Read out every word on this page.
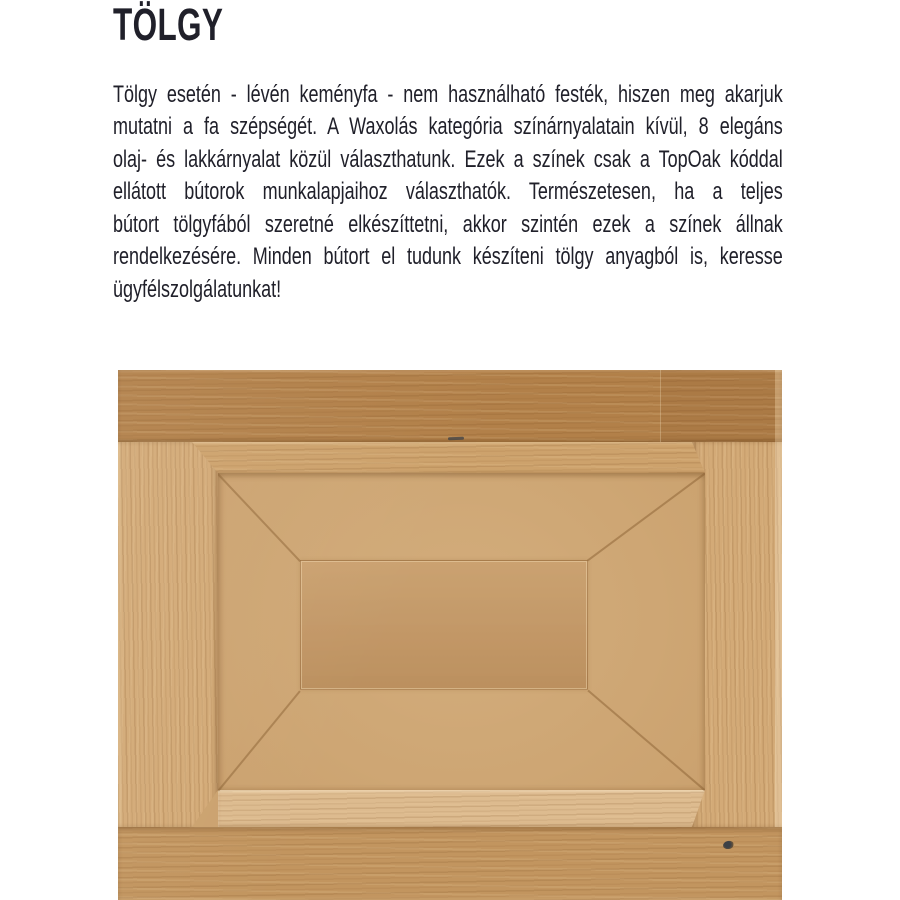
TÖLGY
Tölgy esetén - lévén keményfa - nem használható festék, hiszen meg akarjuk
mutatni a fa szépségét. A Waxolás kategória színárnyalatain kívül, 8 elegáns
olaj- és lakkárnyalat közül választhatunk. Ezek a színek csak a TopOak kóddal
ellátott bútorok munkalapjaihoz választhatók. Természetesen, ha a teljes
bútort tölgyfából szeretné elkészíttetni, akkor szintén ezek a színek állnak
rendelkezésére. Minden bútort el tudunk készíteni tölgy anyagból is, keresse
ügyfélszolgálatunkat!
